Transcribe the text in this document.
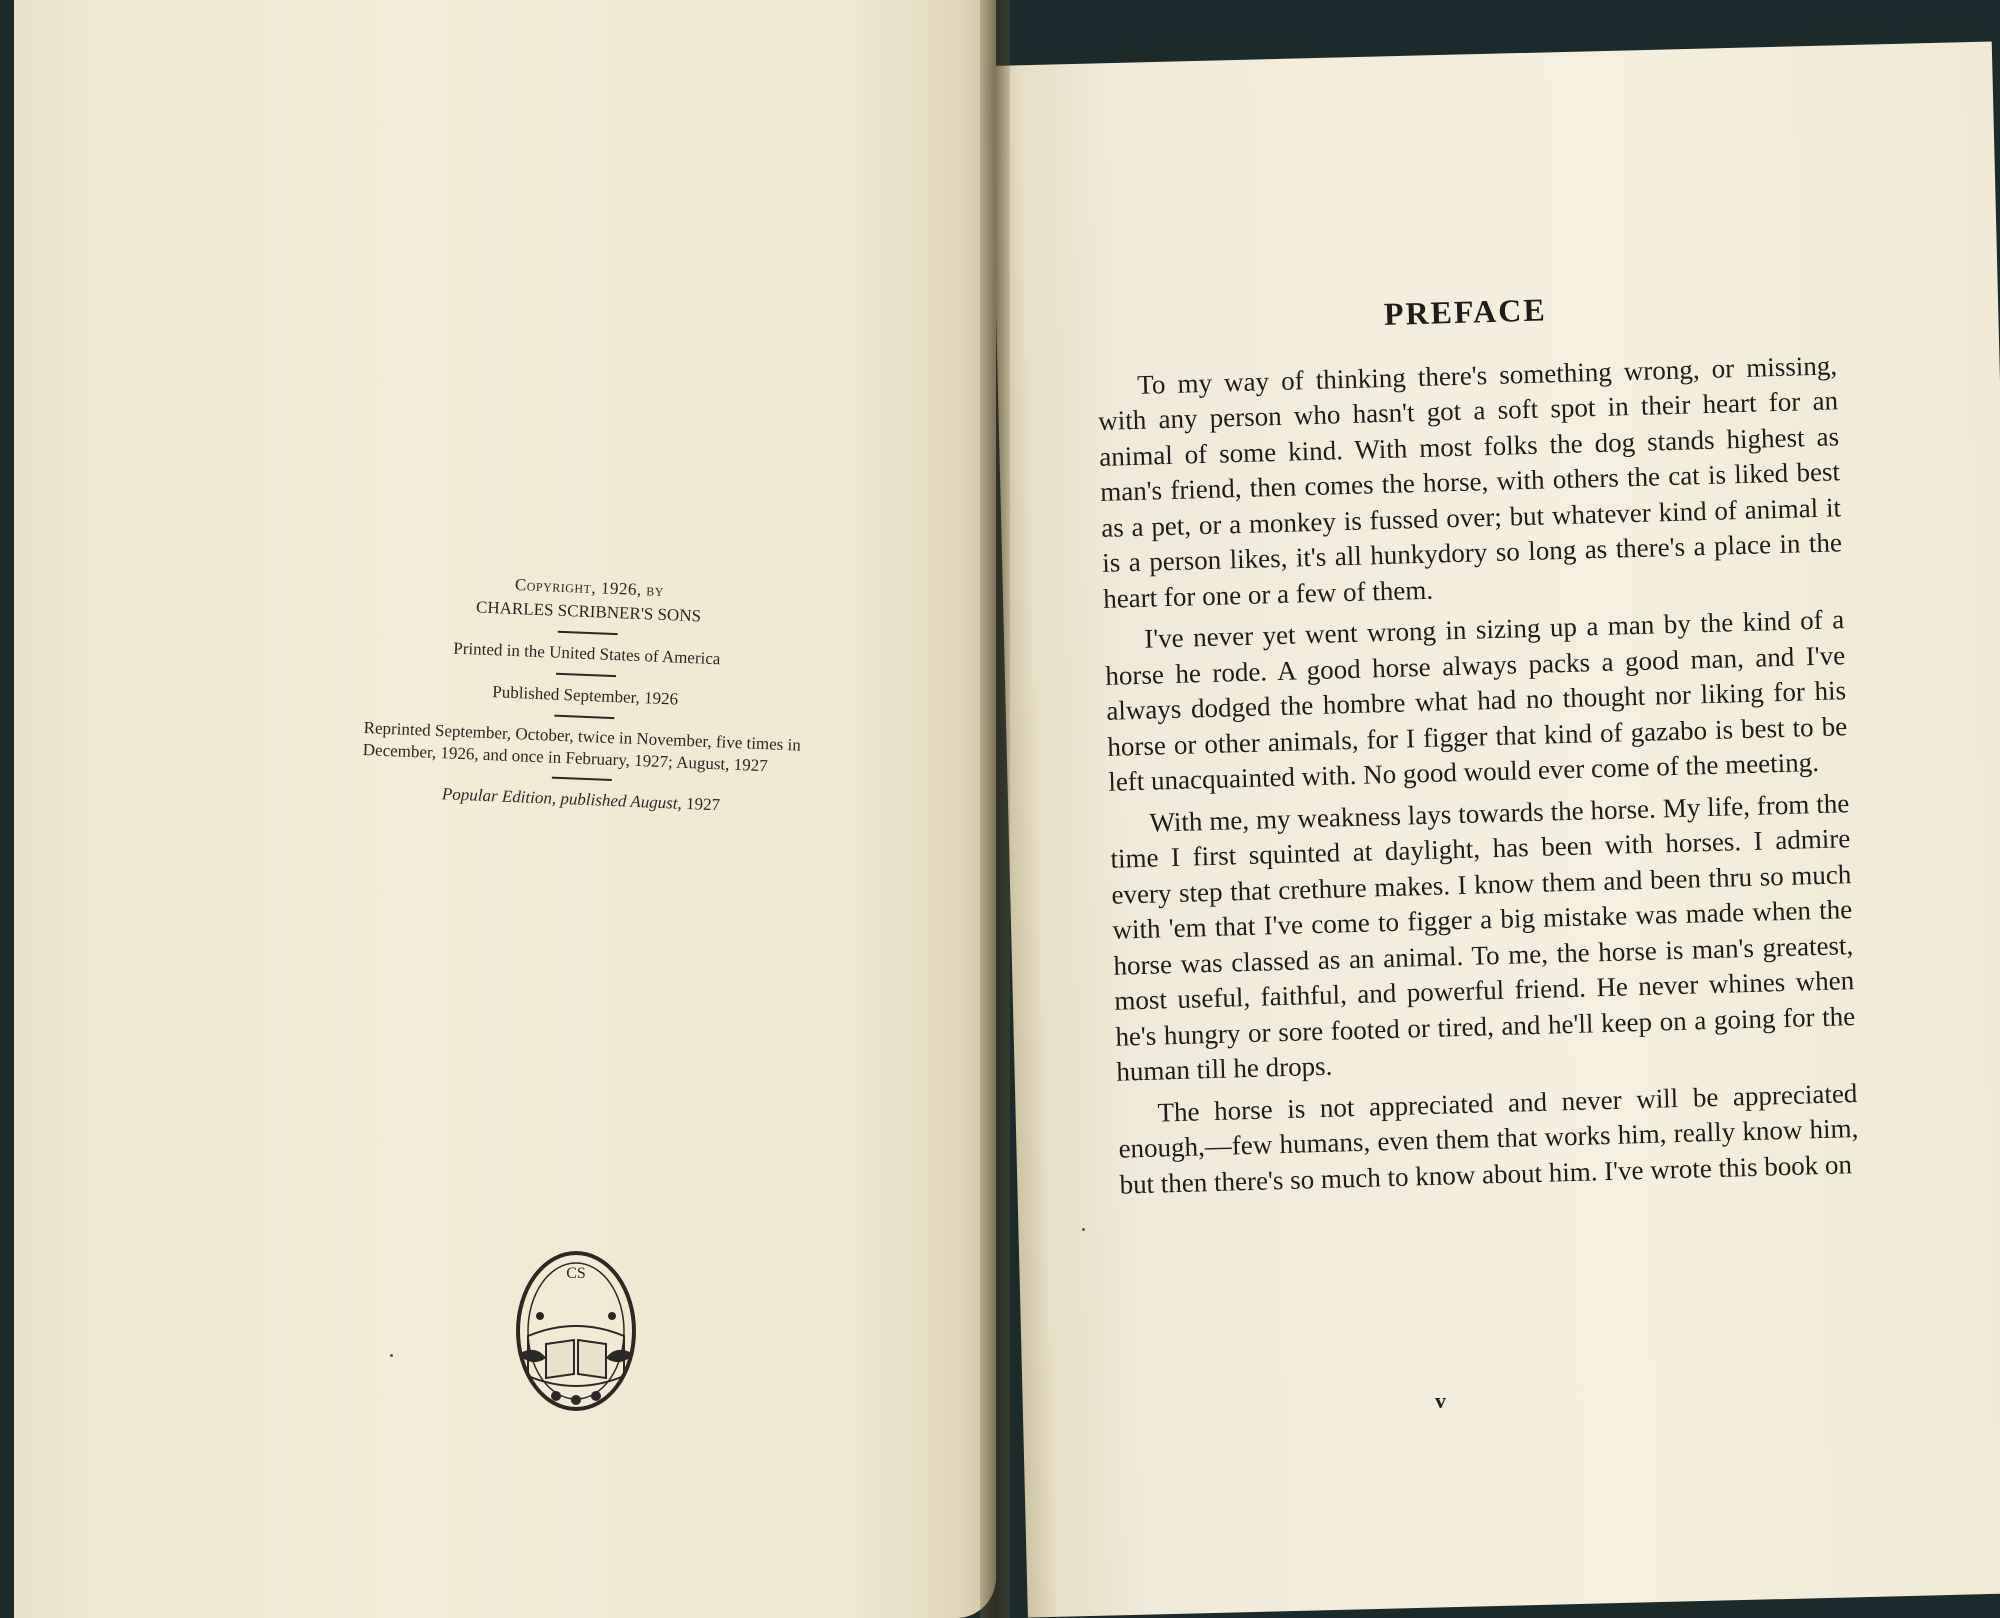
Copyright, 1926, by

CHARLES SCRIBNER'S SONS

Printed in the United States of America

Published September, 1926

Reprinted September, October, twice in November, five times in December, 1926, and once in February, 1927; August, 1927

Popular Edition, published August, 1927

CS
PREFACE

To my way of thinking there's something wrong, or missing, with any person who hasn't got a soft spot in their heart for an animal of some kind. With most folks the dog stands highest as man's friend, then comes the horse, with others the cat is liked best as a pet, or a monkey is fussed over; but whatever kind of animal it is a person likes, it's all hunkydory so long as there's a place in the heart for one or a few of them.

I've never yet went wrong in sizing up a man by the kind of a horse he rode. A good horse always packs a good man, and I've always dodged the hombre what had no thought nor liking for his horse or other animals, for I figger that kind of gazabo is best to be left unacquainted with. No good would ever come of the meeting.

With me, my weakness lays towards the horse. My life, from the time I first squinted at daylight, has been with horses. I admire every step that crethure makes. I know them and been thru so much with 'em that I've come to figger a big mistake was made when the horse was classed as an animal. To me, the horse is man's greatest, most useful, faithful, and powerful friend. He never whines when he's hungry or sore footed or tired, and he'll keep on a going for the human till he drops.

The horse is not appreciated and never will be appreciated enough,—few humans, even them that works him, really know him, but then there's so much to know about him. I've wrote this book on

v
